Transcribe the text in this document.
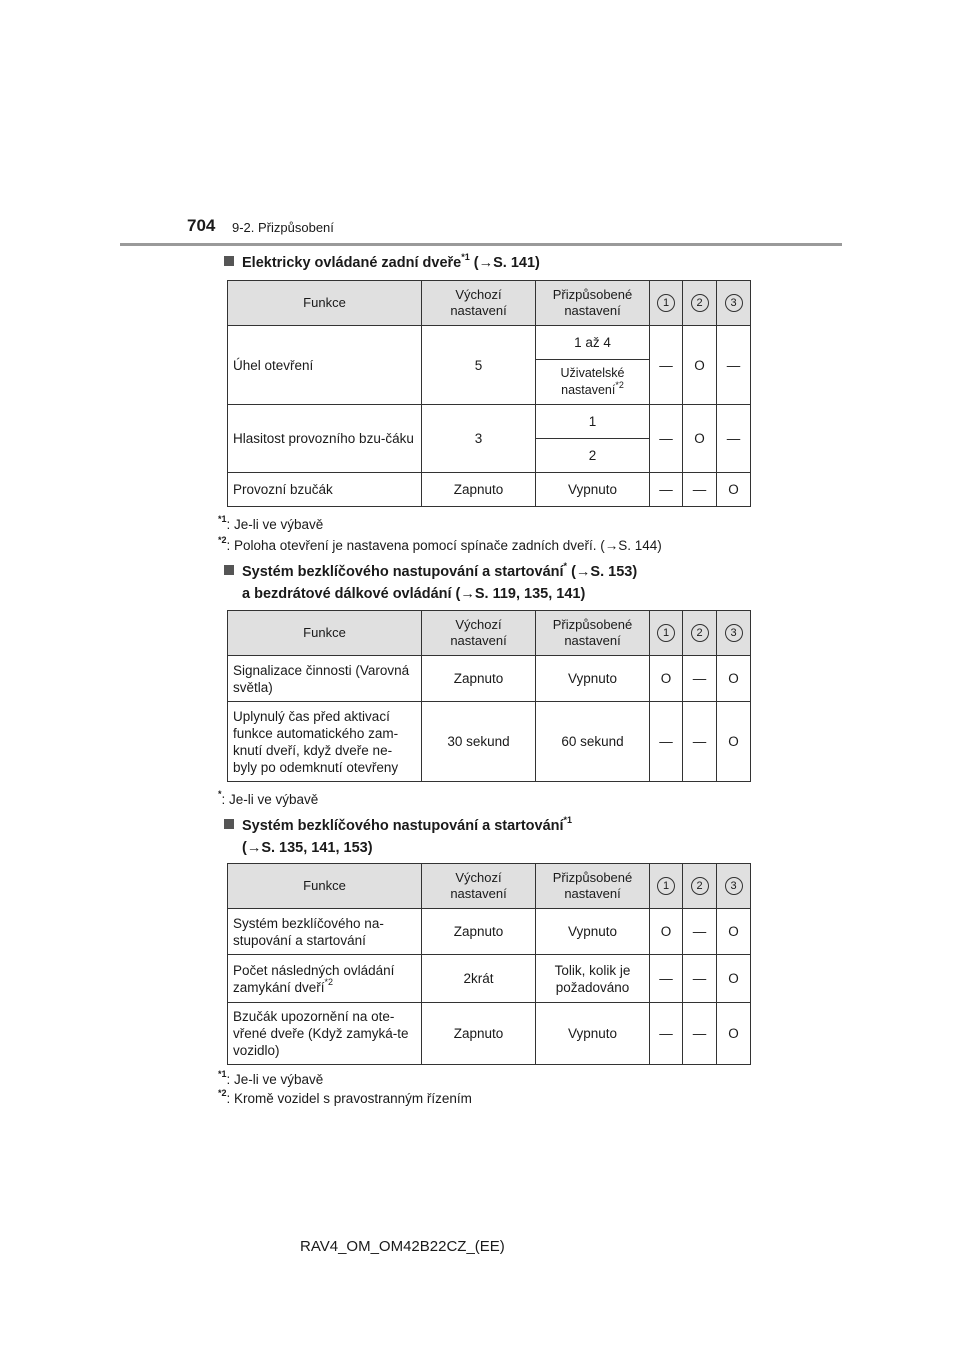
704 9-2. Přizpůsobení
Elektricky ovládané zadní dveře$^{*1}$ (→S. 141)
Funkce	Výchozí nastavení	Přizpůsobené nastavení	1	2	3
Úhel otevření	5	1 až 4	—	O	—
		Uživatelské nastavení$^{*2}$
Hlasitost provozního bzu-čáku	3	1	—	O	—
		2			
Provozní bzučák	Zapnuto	Vypnuto	—	—	O
$^{*1}$: Je-li ve výbavě
$^{*2}$: Poloha otevření je nastavena pomocí spínače zadních dveří. (→S. 144)
Systém bezklíčového nastupování a startování* (→S. 153)
a bezdrátové dálkové ovládání (→S. 119, 135, 141)
Funkce	Výchozí nastavení	Přizpůsobené nastavení	1	2	3
Signalizace činnosti (Varovná světla)	Zapnuto	Vypnuto	O	—	O
Uplynulý čas před aktivací funkce automatického zam-knutí dveří, když dveře ne-byly po odemknutí otevřeny	30 sekund	60 sekund	—	—	O
*: Je-li ve výbavě
Systém bezklíčového nastupování a startování$^{*1}$
(→S. 135, 141, 153)
Funkce	Výchozí nastavení	Přizpůsobené nastavení	1	2	3
Systém bezklíčového na-stupování a startování	Zapnuto	Vypnuto	O	—	O
Počet následných ovládání zamykání dveří$^{*2}$	2krát	Tolik, kolik je požadováno	—	—	O
Bzučák upozornění na ote-vřené dveře (Když zamyká-te vozidlo)	Zapnuto	Vypnuto	—	—	O
$^{*1}$: Je-li ve výbavě
$^{*2}$: Kromě vozidel s pravostranným řízením
RAV4_OM_OM42B22CZ_(EE)
